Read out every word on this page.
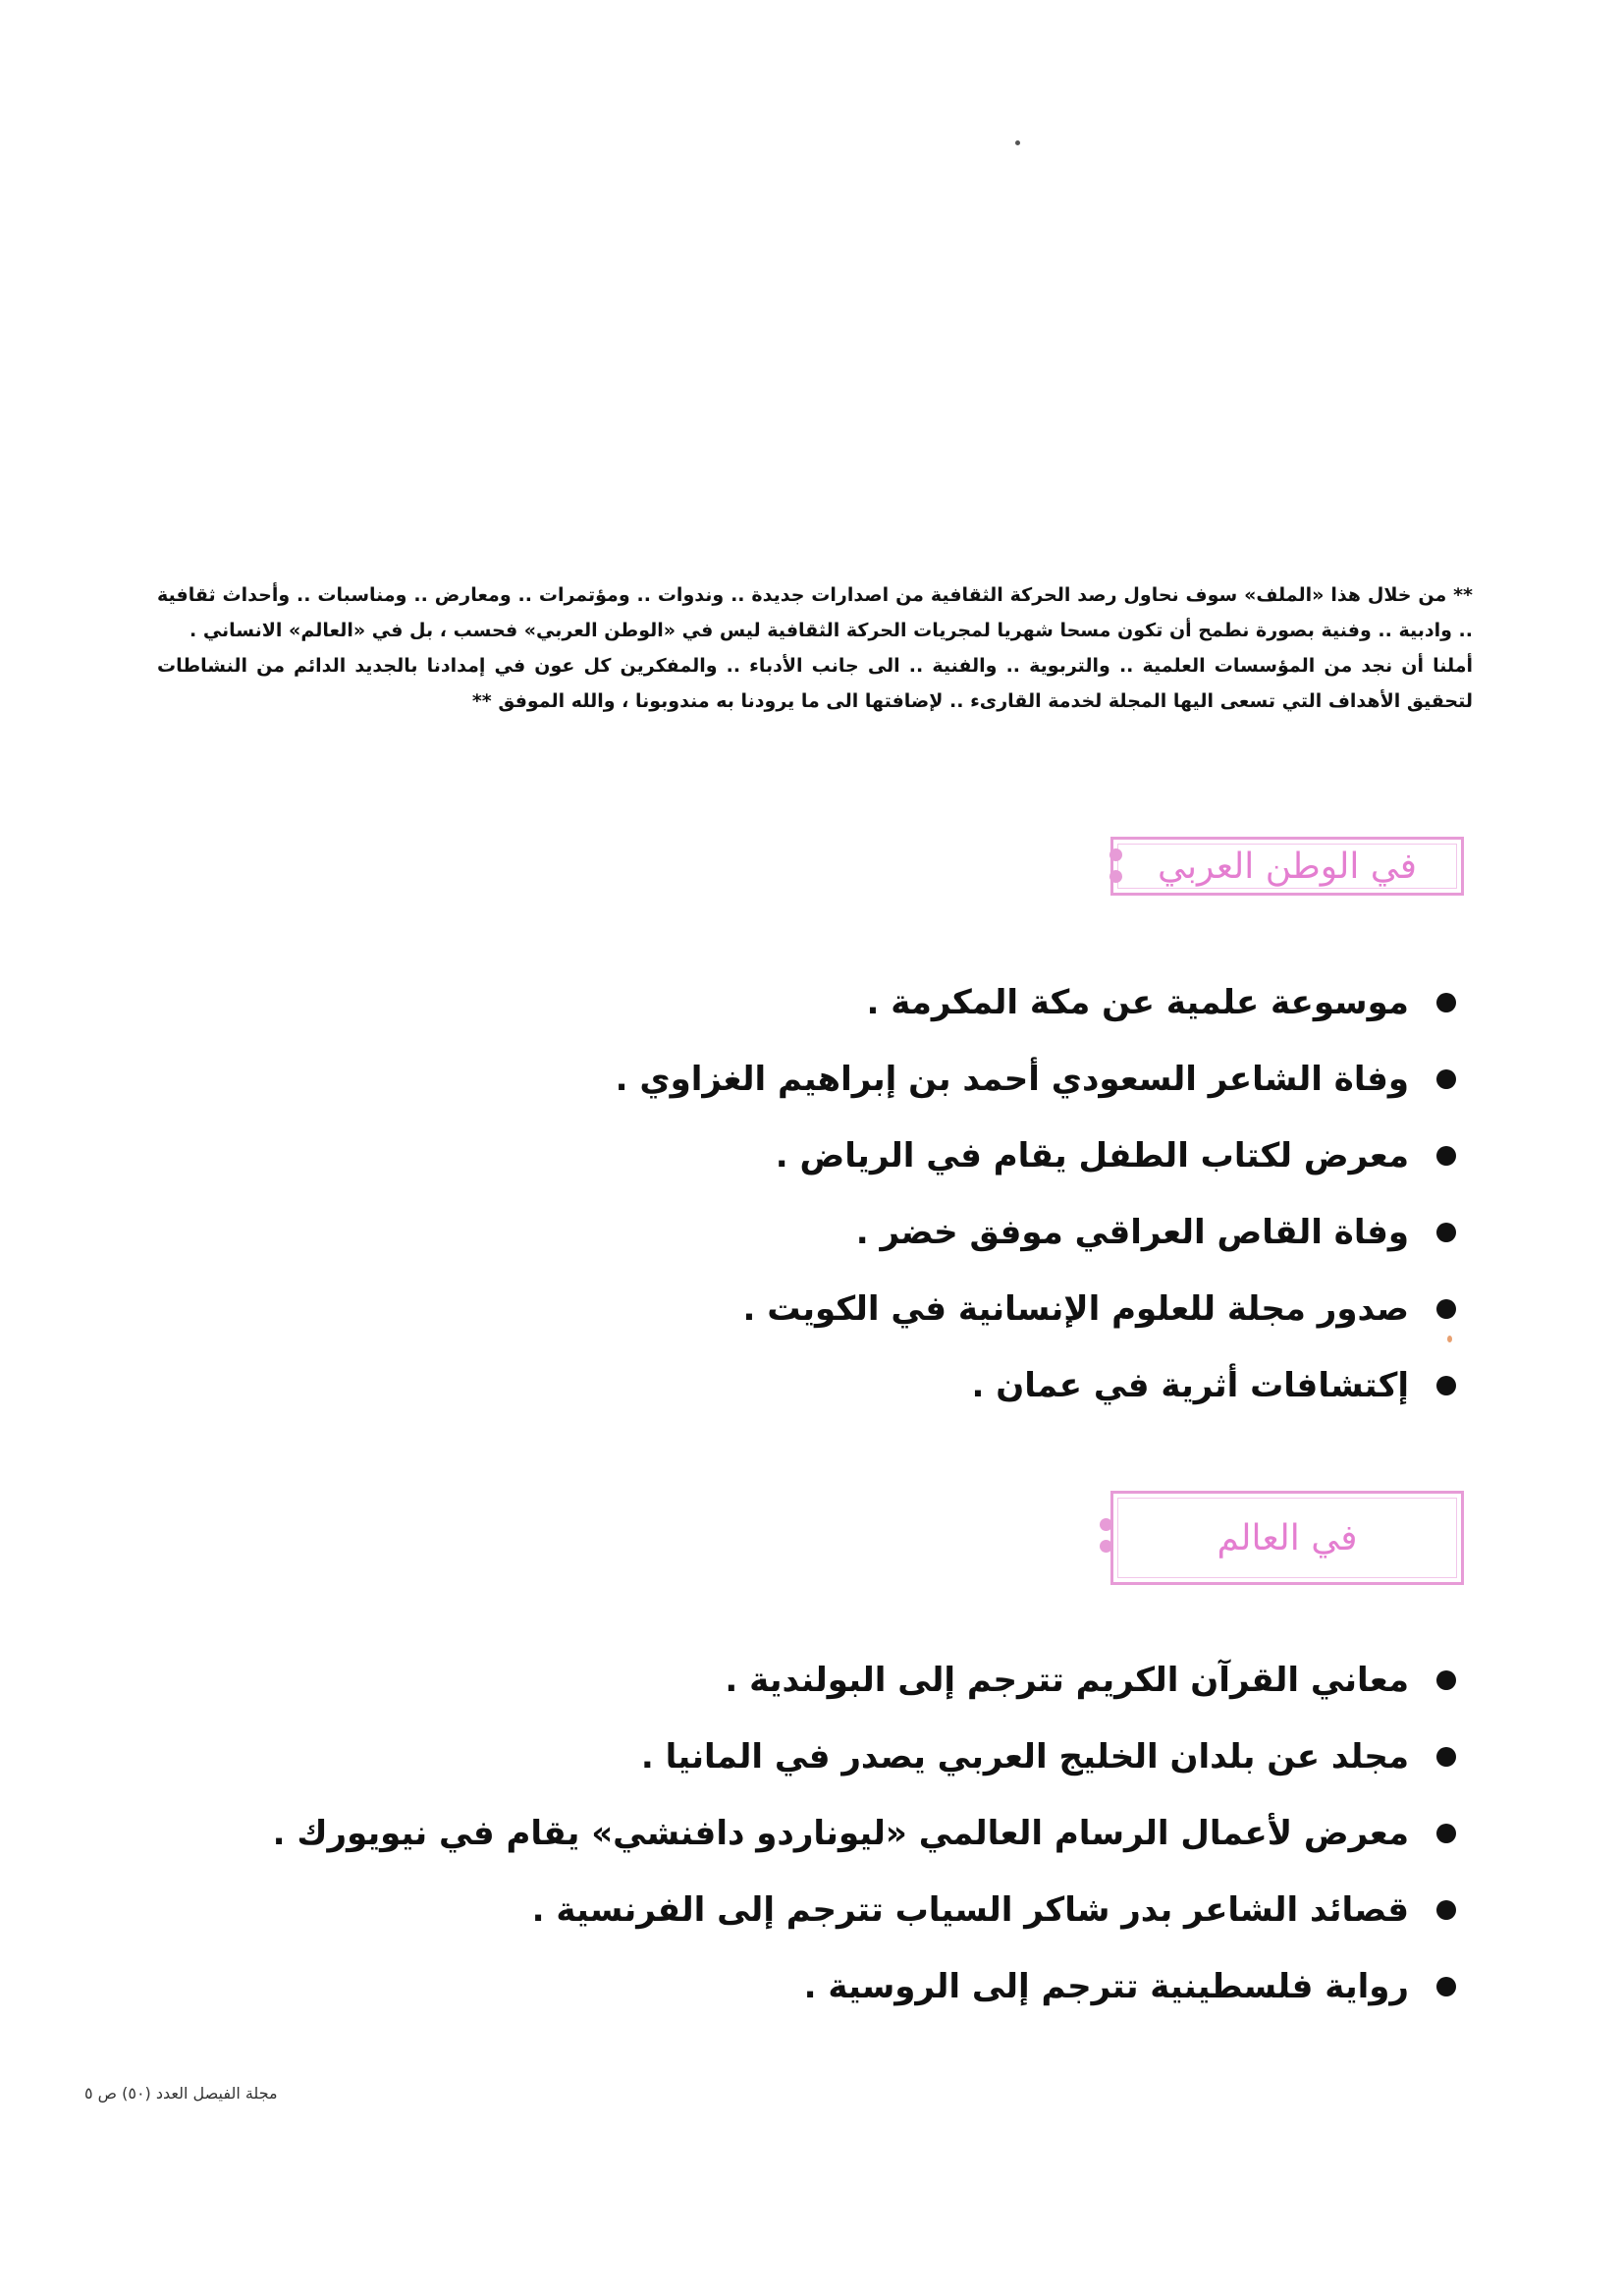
** من خلال هذا «الملف» سوف نحاول رصد الحركة الثقافية من اصدارات جديدة .. وندوات .. ومؤتمرات .. ومعارض .. ومناسبات .. وأحداث ثقافية .. وادبية .. وفنية بصورة نطمح أن تكون مسحا شهريا لمجريات الحركة الثقافية ليس في «الوطن العربي» فحسب ، بل في «العالم» الانساني .

أملنا أن نجد من المؤسسات العلمية .. والتربوية .. والفنية .. الى جانب الأدباء .. والمفكرين كل عون في إمدادنا بالجديد الدائم من النشاطات لتحقيق الأهداف التي تسعى اليها المجلة لخدمة القارىء .. لإضافتها الى ما يرودنا به مندوبونا ، والله الموفق **

في الوطن العربي
موسوعة علمية عن مكة المكرمة .
وفاة الشاعر السعودي أحمد بن إبراهيم الغزاوي .
معرض لكتاب الطفل يقام في الرياض .
وفاة القاص العراقي موفق خضر .
صدور مجلة للعلوم الإنسانية في الكويت .
إكتشافات أثرية في عمان .
في العالم
معاني القرآن الكريم تترجم إلى البولندية .
مجلد عن بلدان الخليج العربي يصدر في المانيا .
معرض لأعمال الرسام العالمي «ليوناردو دافنشي» يقام في نيويورك .
قصائد الشاعر بدر شاكر السياب تترجم إلى الفرنسية .
رواية فلسطينية تترجم إلى الروسية .
مجلة الفيصل العدد (٥٠) ص ٥
